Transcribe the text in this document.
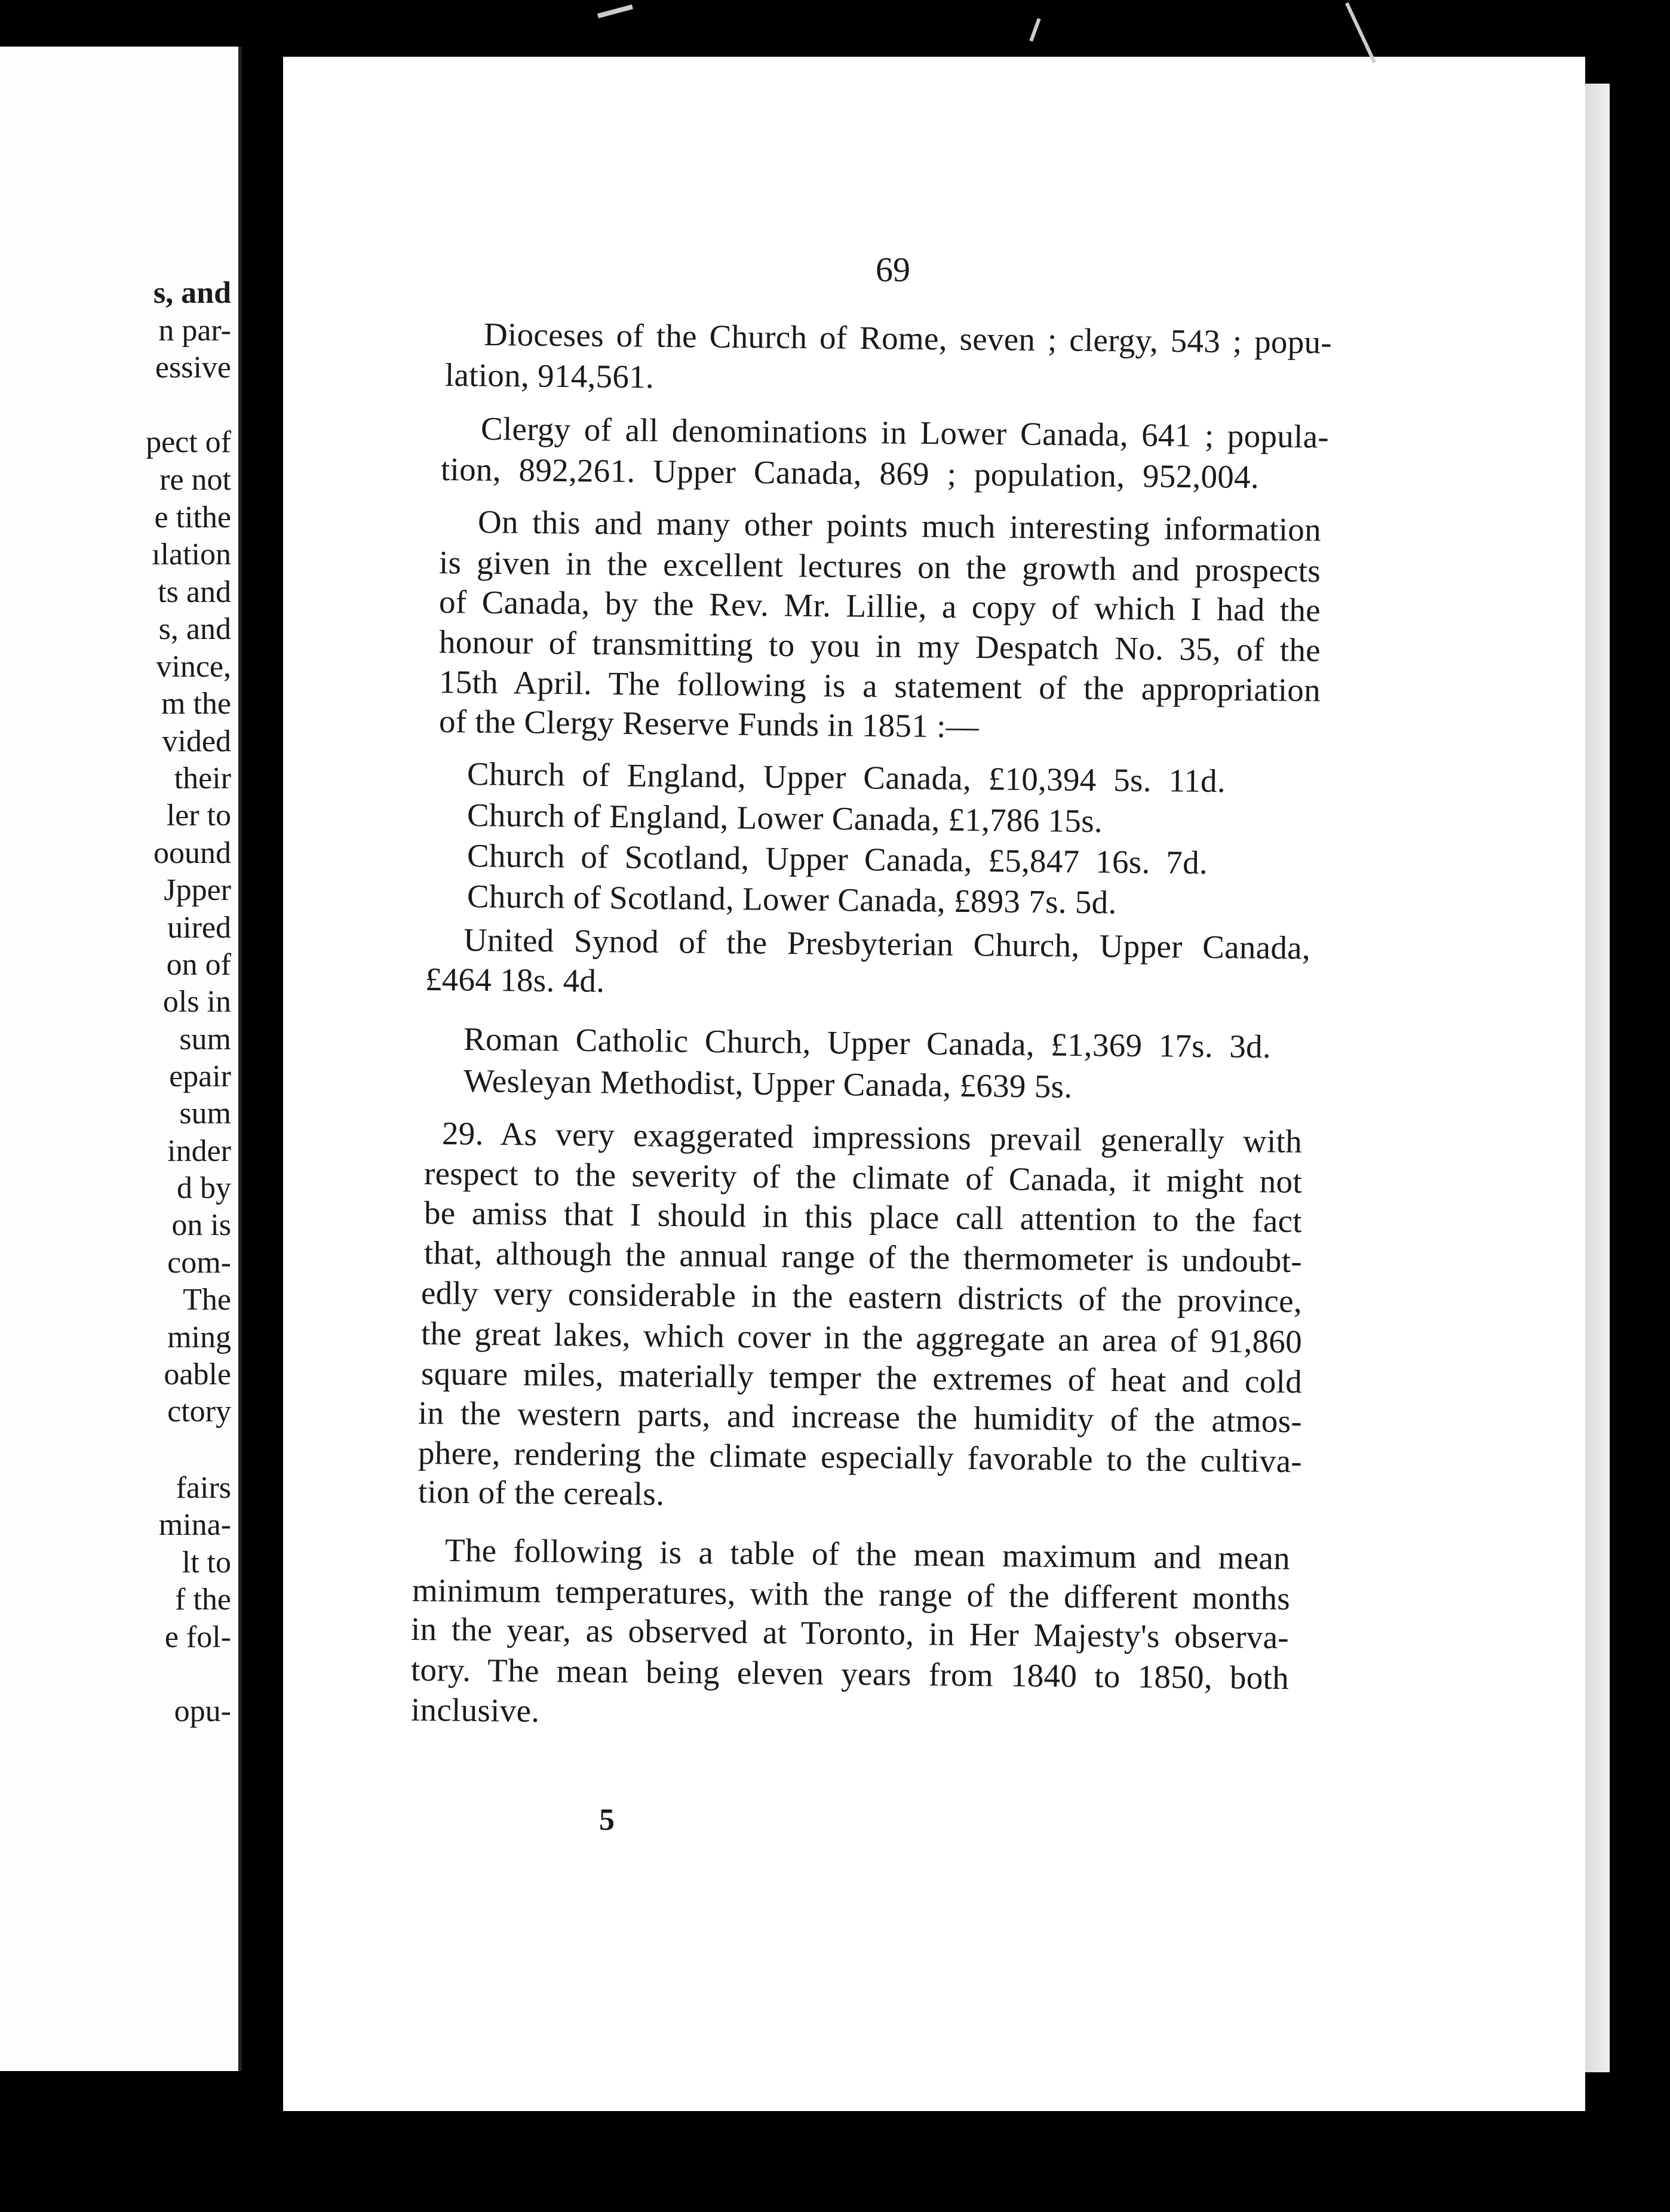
s, and
n par-
essive
pect of
re not
e tithe
ılation
ts and
s, and
vince,
m the
vided
their
ler to
oound
Jpper
uired
on of
ols in
sum
epair
sum
inder
d by
on is
com-
The
ming
oable
ctory
fairs
mina-
lt to
f the
e fol-
opu-
69
Dioceses of the Church of Rome, seven ; clergy, 543 ; popu-
lation, 914,561.
Clergy of all denominations in Lower Canada, 641 ; popula-
tion, 892,261. Upper Canada, 869 ; population, 952,004.
On this and many other points much interesting information
is given in the excellent lectures on the growth and prospects
of Canada, by the Rev. Mr. Lillie, a copy of which I had the
honour of transmitting to you in my Despatch No. 35, of the
15th April. The following is a statement of the appropriation
of the Clergy Reserve Funds in 1851 :—
Church of England, Upper Canada, £10,394 5s. 11d.
Church of England, Lower Canada, £1,786 15s.
Church of Scotland, Upper Canada, £5,847 16s. 7d.
Church of Scotland, Lower Canada, £893 7s. 5d.
United Synod of the Presbyterian Church, Upper Canada,
£464 18s. 4d.
Roman Catholic Church, Upper Canada, £1,369 17s. 3d.
Wesleyan Methodist, Upper Canada, £639 5s.
29. As very exaggerated impressions prevail generally with
respect to the severity of the climate of Canada, it might not
be amiss that I should in this place call attention to the fact
that, although the annual range of the thermometer is undoubt-
edly very considerable in the eastern districts of the province,
the great lakes, which cover in the aggregate an area of 91,860
square miles, materially temper the extremes of heat and cold
in the western parts, and increase the humidity of the atmos-
phere, rendering the climate especially favorable to the cultiva-
tion of the cereals.
The following is a table of the mean maximum and mean
minimum temperatures, with the range of the different months
in the year, as observed at Toronto, in Her Majesty's observa-
tory. The mean being eleven years from 1840 to 1850, both
inclusive.
5
